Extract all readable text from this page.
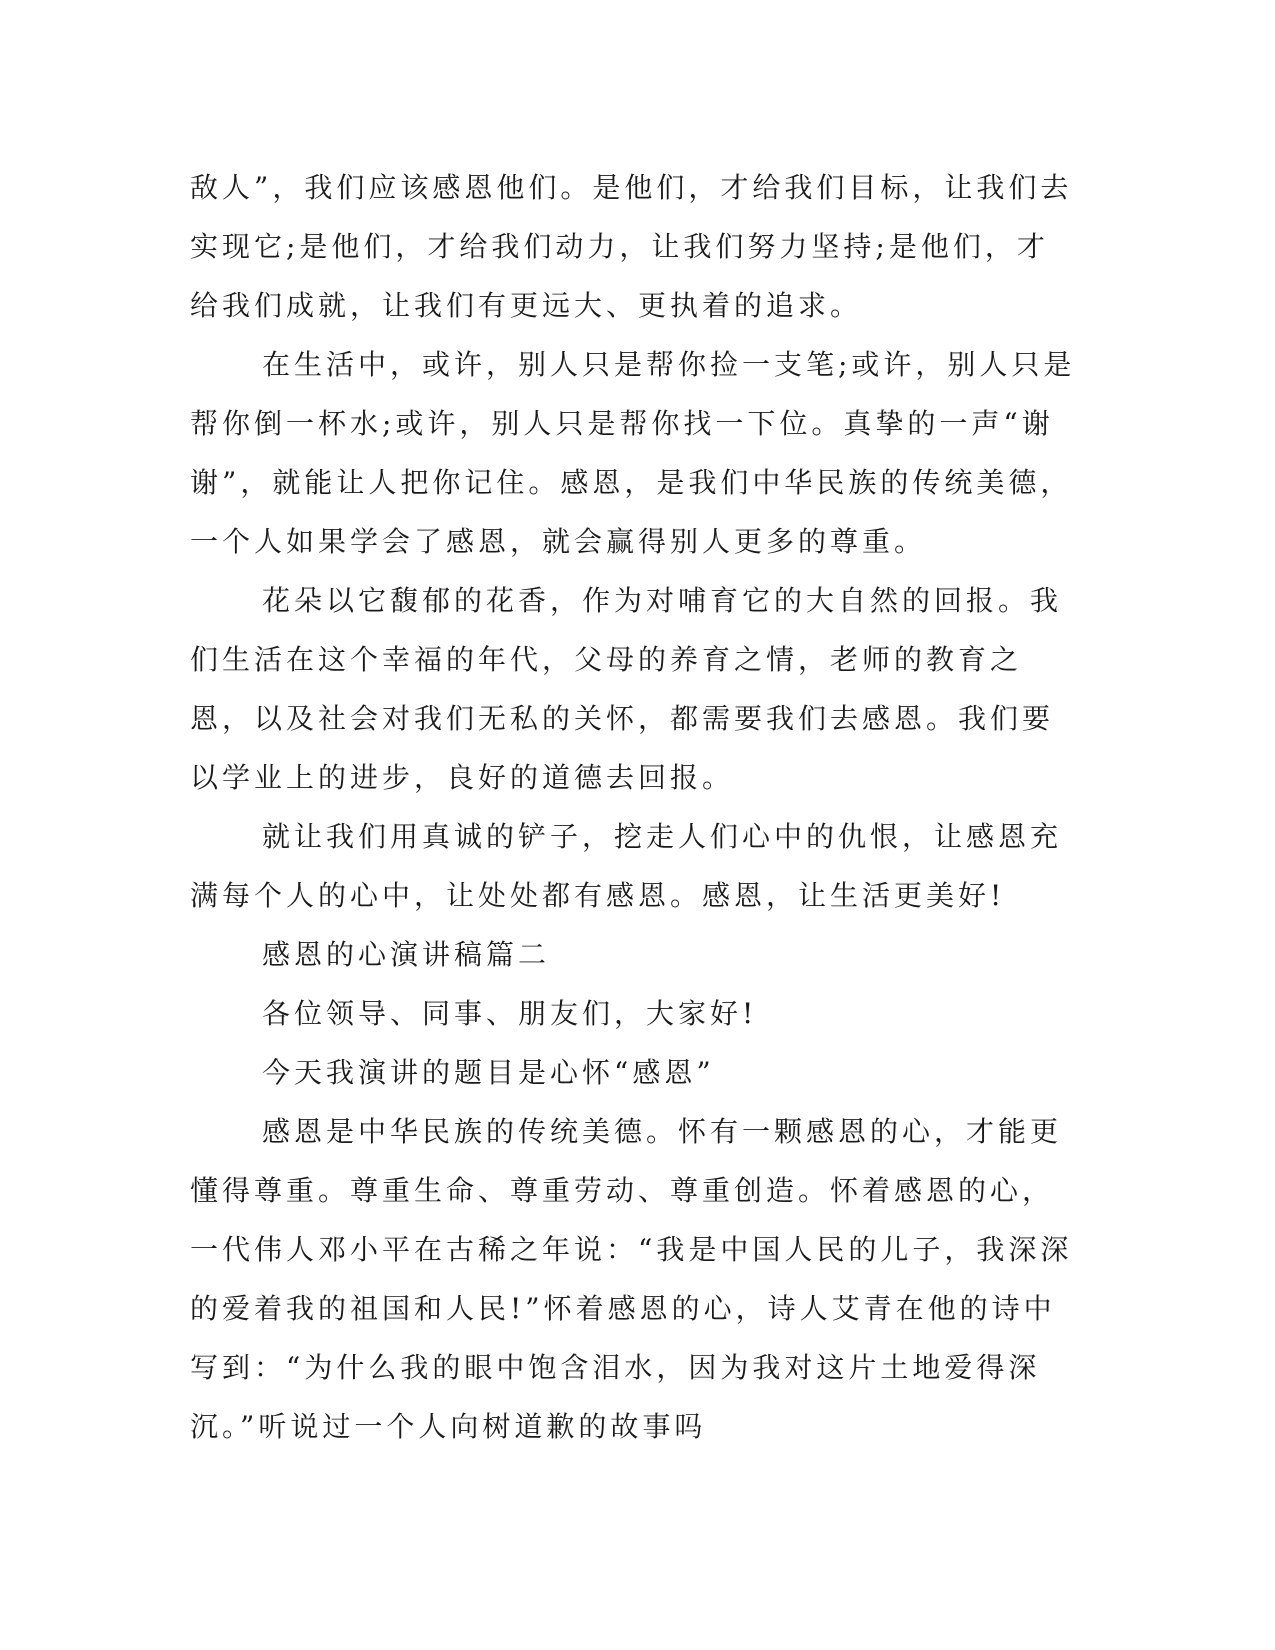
敌人”，我们应该感恩他们。是他们，才给我们目标，让我们去实现它;是他们，才给我们动力，让我们努力坚持;是他们，才给我们成就，让我们有更远大、更执着的追求。

在生活中，或许，别人只是帮你捡一支笔;或许，别人只是帮你倒一杯水;或许，别人只是帮你找一下位。真挚的一声“谢谢”，就能让人把你记住。感恩，是我们中华民族的传统美德，一个人如果学会了感恩，就会赢得别人更多的尊重。

花朵以它馥郁的花香，作为对哺育它的大自然的回报。我们生活在这个幸福的年代，父母的养育之情，老师的教育之恩，以及社会对我们无私的关怀，都需要我们去感恩。我们要以学业上的进步，良好的道德去回报。

就让我们用真诚的铲子，挖走人们心中的仇恨，让感恩充满每个人的心中，让处处都有感恩。感恩，让生活更美好!

感恩的心演讲稿篇二

各位领导、同事、朋友们，大家好!

今天我演讲的题目是心怀“感恩”

感恩是中华民族的传统美德。怀有一颗感恩的心，才能更懂得尊重。尊重生命、尊重劳动、尊重创造。怀着感恩的心，一代伟人邓小平在古稀之年说：“我是中国人民的儿子，我深深的爱着我的祖国和人民!”怀着感恩的心，诗人艾青在他的诗中写到：“为什么我的眼中饱含泪水，因为我对这片土地爱得深沉。”听说过一个人向树道歉的故事吗
